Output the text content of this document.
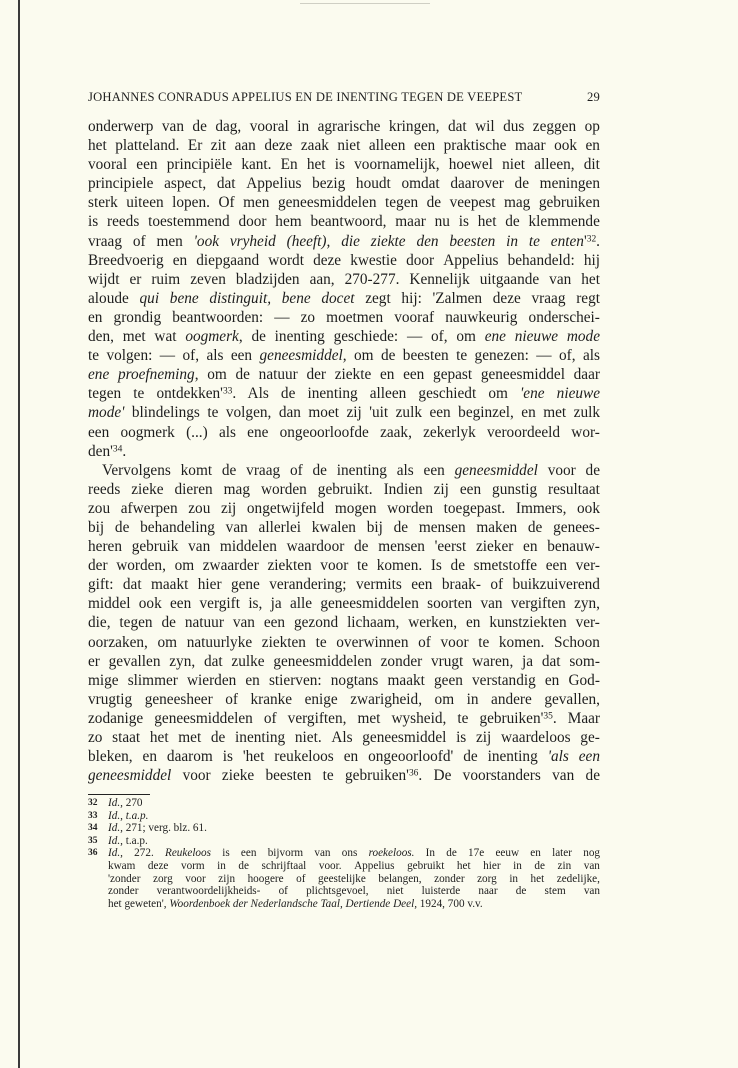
JOHANNES CONRADUS APPELIUS EN DE INENTING TEGEN DE VEEPEST	29
onderwerp van de dag, vooral in agrarische kringen, dat wil dus zeggen op
het platteland. Er zit aan deze zaak niet alleen een praktische maar ook en
vooral een principiële kant. En het is voornamelijk, hoewel niet alleen, dit
principiele aspect, dat Appelius bezig houdt omdat daarover de meningen
sterk uiteen lopen. Of men geneesmiddelen tegen de veepest mag gebruiken
is reeds toestemmend door hem beantwoord, maar nu is het de klemmende
vraag of men 'ook vryheid (heeft), die ziekte den beesten in te $enten'^{32}$.
Breedvoerig en diepgaand wordt deze kwestie door Appelius behandeld: hij
wijdt er ruim zeven bladzijden aan, 270-277. Kennelijk uitgaande van het
aloude qui bene distinguit, bene docet zegt hij: 'Zalmen deze vraag regt
en grondig beantwoorden: — zo moetmen vooraf nauwkeurig onderschei-
den, met wat oogmerk, de inenting geschiede: — of, om ene nieuwe mode
te volgen: — of, als een geneesmiddel, om de beesten te genezen: — of, als
ene proefneming, om de natuur der ziekte en een gepast geneesmiddel daar
tegen te $ontdekken'^{33}$. Als de inenting alleen geschiedt om 'ene nieuwe
mode' blindelings te volgen, dan moet zij 'uit zulk een beginzel, en met zulk
een oogmerk (...) als ene ongeoorloofde zaak, zekerlyk veroordeeld wor-
$den'^{34}$.
Vervolgens komt de vraag of de inenting als een geneesmiddel voor de
reeds zieke dieren mag worden gebruikt. Indien zij een gunstig resultaat
zou afwerpen zou zij ongetwijfeld mogen worden toegepast. Immers, ook
bij de behandeling van allerlei kwalen bij de mensen maken de genees-
heren gebruik van middelen waardoor de mensen 'eerst zieker en benauw-
der worden, om zwaarder ziekten voor te komen. Is de smetstoffe een ver-
gift: dat maakt hier gene verandering; vermits een braak- of buikzuiverend
middel ook een vergift is, ja alle geneesmiddelen soorten van vergiften zyn,
die, tegen de natuur van een gezond lichaam, werken, en kunstziekten ver-
oorzaken, om natuurlyke ziekten te overwinnen of voor te komen. Schoon
er gevallen zyn, dat zulke geneesmiddelen zonder vrugt waren, ja dat som-
mige slimmer wierden en stierven: nogtans maakt geen verstandig en God-
vrugtig geneesheer of kranke enige zwarigheid, om in andere gevallen,
zodanige geneesmiddelen of vergiften, met wysheid, te $gebruiken'^{35}$. Maar
zo staat het met de inenting niet. Als geneesmiddel is zij waardeloos ge-
bleken, en daarom is 'het reukeloos en ongeoorloofd' de inenting 'als een
geneesmiddel voor zieke beesten te $gebruiken'^{36}$. De voorstanders van de
32 Id., 270
33 Id., t.a.p.
34 Id., 271; verg. blz. 61.
35 Id., t.a.p.
36 Id., 272. Reukeloos is een bijvorm van ons roekeloos. In de 17e eeuw en later nog
kwam deze vorm in de schrijftaal voor. Appelius gebruikt het hier in de zin van
'zonder zorg voor zijn hoogere of geestelijke belangen, zonder zorg in het zedelijke,
zonder verantwoordelijkheids- of plichtsgevoel, niet luisterde naar de stem van
het geweten', Woordenboek der Nederlandsche Taal, Dertiende Deel, 1924, 700 v.v.
